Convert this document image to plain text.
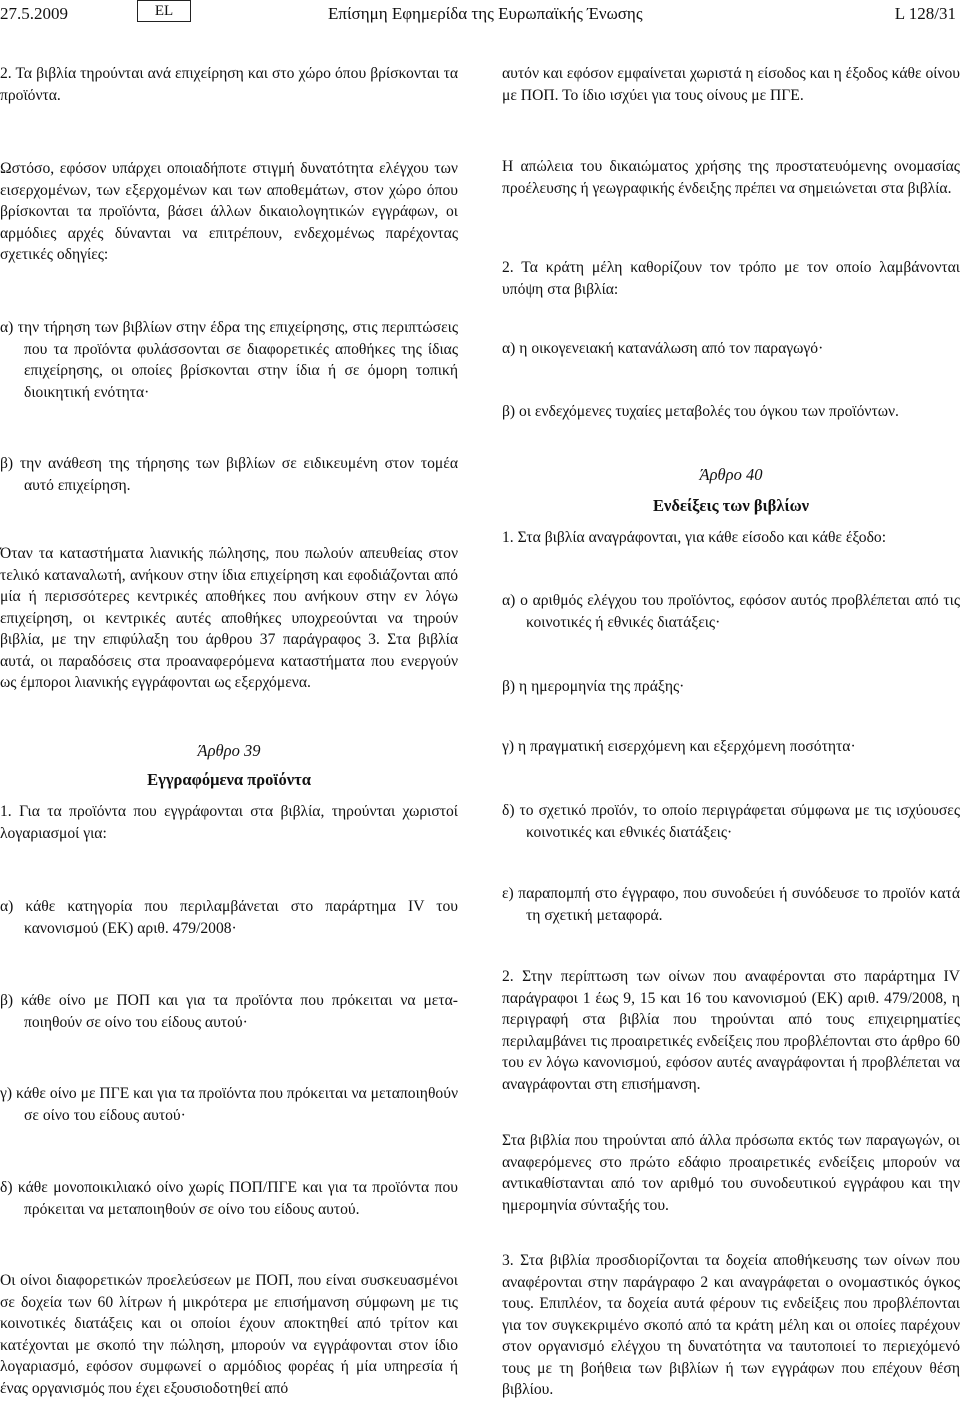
27.5.2009	EL	Επίσημη Εφημερίδα της Ευρωπαϊκής Ένωσης	L 128/31

2. Τα βιβλία τηρούνται ανά επιχείρηση και στο χώρο όπου βρίσκονται τα προϊόντα.

Ωστόσο, εφόσον υπάρχει οποιαδήποτε στιγμή δυνατότητα ελέγχου των εισερχομένων, των εξερχομένων και των αποθεμάτων, στον χώρο όπου βρίσκονται τα προϊόντα, βάσει άλλων δικαιολογητικών εγγράφων, οι αρμόδιες αρχές δύνανται να επιτρέπουν, ενδεχομένως παρέχοντας σχετικές οδηγίες:

α) την τήρηση των βιβλίων στην έδρα της επιχείρησης, στις περιπτώσεις που τα προϊόντα φυλάσσονται σε διαφορετικές αποθήκες της ίδιας επιχείρησης, οι οποίες βρίσκονται στην ίδια ή σε όμορη τοπική διοικητική ενότητα·

β) την ανάθεση της τήρησης των βιβλίων σε ειδικευμένη στον τομέα αυτό επιχείρηση.

Όταν τα καταστήματα λιανικής πώλησης, που πωλούν απευθείας στον τελικό καταναλωτή, ανήκουν στην ίδια επιχείρηση και εφοδιάζονται από μία ή περισσότερες κεντρικές αποθήκες που ανήκουν στην εν λόγω επιχείρηση, οι κεντρικές αυτές αποθήκες υποχρεούνται να τηρούν βιβλία, με την επιφύλαξη του άρθρου 37 παράγραφος 3. Στα βιβλία αυτά, οι παραδόσεις στα προαναφερόμενα καταστήματα που ενεργούν ως έμποροι λιανικής εγγράφονται ως εξερχόμενα.

Άρθρο 39

Εγγραφόμενα προϊόντα

1. Για τα προϊόντα που εγγράφονται στα βιβλία, τηρούνται χωριστοί λογαριασμοί για:

α) κάθε κατηγορία που περιλαμβάνεται στο παράρτημα IV του κανονισμού (ΕΚ) αριθ. 479/2008·

β) κάθε οίνο με ΠΟΠ και για τα προϊόντα που πρόκειται να μεταποιηθούν σε οίνο του είδους αυτού·

γ) κάθε οίνο με ΠΓΕ και για τα προϊόντα που πρόκειται να μεταποιηθούν σε οίνο του είδους αυτού·

δ) κάθε μονοποικιλιακό οίνο χωρίς ΠΟΠ/ΠΓΕ και για τα προϊόντα που πρόκειται να μεταποιηθούν σε οίνο του είδους αυτού.

Οι οίνοι διαφορετικών προελεύσεων με ΠΟΠ, που είναι συσκευασμένοι σε δοχεία των 60 λίτρων ή μικρότερα με επισήμανση σύμφωνη με τις κοινοτικές διατάξεις και οι οποίοι έχουν αποκτηθεί από τρίτον και κατέχονται με σκοπό την πώληση, μπορούν να εγγράφονται στον ίδιο λογαριασμό, εφόσον συμφωνεί ο αρμόδιος φορέας ή μία υπηρεσία ή ένας οργανισμός που έχει εξουσιοδοτηθεί από

αυτόν και εφόσον εμφαίνεται χωριστά η είσοδος και η έξοδος κάθε οίνου με ΠΟΠ. Το ίδιο ισχύει για τους οίνους με ΠΓΕ.

Η απώλεια του δικαιώματος χρήσης της προστατευόμενης ονομασίας προέλευσης ή γεωγραφικής ένδειξης πρέπει να σημειώνεται στα βιβλία.

2. Τα κράτη μέλη καθορίζουν τον τρόπο με τον οποίο λαμβάνονται υπόψη στα βιβλία:

α) η οικογενειακή κατανάλωση από τον παραγωγό·

β) οι ενδεχόμενες τυχαίες μεταβολές του όγκου των προϊόντων.

Άρθρο 40

Ενδείξεις των βιβλίων

1. Στα βιβλία αναγράφονται, για κάθε είσοδο και κάθε έξοδο:

α) ο αριθμός ελέγχου του προϊόντος, εφόσον αυτός προβλέπεται από τις κοινοτικές ή εθνικές διατάξεις·

β) η ημερομηνία της πράξης·

γ) η πραγματική εισερχόμενη και εξερχόμενη ποσότητα·

δ) το σχετικό προϊόν, το οποίο περιγράφεται σύμφωνα με τις ισχύουσες κοινοτικές και εθνικές διατάξεις·

ε) παραπομπή στο έγγραφο, που συνοδεύει ή συνόδευσε το προϊόν κατά τη σχετική μεταφορά.

2. Στην περίπτωση των οίνων που αναφέρονται στο παράρτημα IV παράγραφοι 1 έως 9, 15 και 16 του κανονισμού (ΕΚ) αριθ. 479/2008, η περιγραφή στα βιβλία που τηρούνται από τους επιχειρηματίες περιλαμβάνει τις προαιρετικές ενδείξεις που προβλέπονται στο άρθρο 60 του εν λόγω κανονισμού, εφόσον αυτές αναγράφονται ή προβλέπεται να αναγράφονται στη επισήμανση.

Στα βιβλία που τηρούνται από άλλα πρόσωπα εκτός των παραγωγών, οι αναφερόμενες στο πρώτο εδάφιο προαιρετικές ενδείξεις μπορούν να αντικαθίστανται από τον αριθμό του συνοδευτικού εγγράφου και την ημερομηνία σύνταξής του.

3. Στα βιβλία προσδιορίζονται τα δοχεία αποθήκευσης των οίνων που αναφέρονται στην παράγραφο 2 και αναγράφεται ο ονομαστικός όγκος τους. Επιπλέον, τα δοχεία αυτά φέρουν τις ενδείξεις που προβλέπονται για τον συγκεκριμένο σκοπό από τα κράτη μέλη και οι οποίες παρέχουν στον οργανισμό ελέγχου τη δυνατότητα να ταυτοποιεί το περιεχόμενό τους με τη βοήθεια των βιβλίων ή των εγγράφων που επέχουν θέση βιβλίου.
